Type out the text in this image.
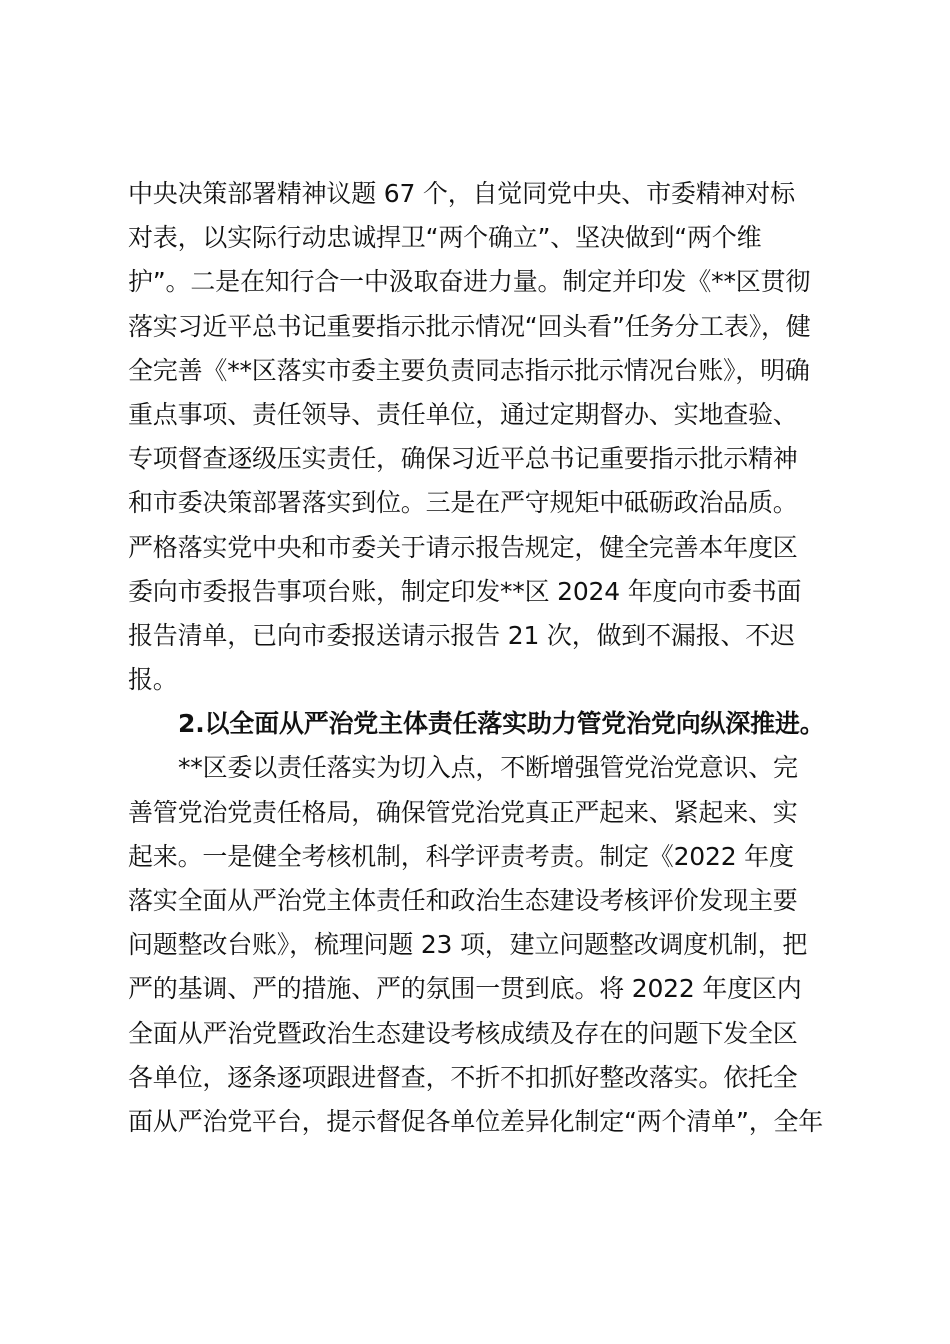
中央决策部署精神议题 67 个，自觉同党中央、市委精神对标
对表，以实际行动忠诚捍卫“两个确立”、坚决做到“两个维
护”。二是在知行合一中汲取奋进力量。制定并印发《**区贯彻
落实习近平总书记重要指示批示情况“回头看”任务分工表》，健
全完善《**区落实市委主要负责同志指示批示情况台账》，明确
重点事项、责任领导、责任单位，通过定期督办、实地查验、
专项督查逐级压实责任，确保习近平总书记重要指示批示精神
和市委决策部署落实到位。三是在严守规矩中砥砺政治品质。
严格落实党中央和市委关于请示报告规定，健全完善本年度区
委向市委报告事项台账，制定印发**区 2024 年度向市委书面
报告清单，已向市委报送请示报告 21 次，做到不漏报、不迟
报。
2.以全面从严治党主体责任落实助力管党治党向纵深推进。
**区委以责任落实为切入点，不断增强管党治党意识、完
善管党治党责任格局，确保管党治党真正严起来、紧起来、实
起来。一是健全考核机制，科学评责考责。制定《2022 年度
落实全面从严治党主体责任和政治生态建设考核评价发现主要
问题整改台账》，梳理问题 23 项，建立问题整改调度机制，把
严的基调、严的措施、严的氛围一贯到底。将 2022 年度区内
全面从严治党暨政治生态建设考核成绩及存在的问题下发全区
各单位，逐条逐项跟进督查，不折不扣抓好整改落实。依托全
面从严治党平台，提示督促各单位差异化制定“两个清单”，全年
